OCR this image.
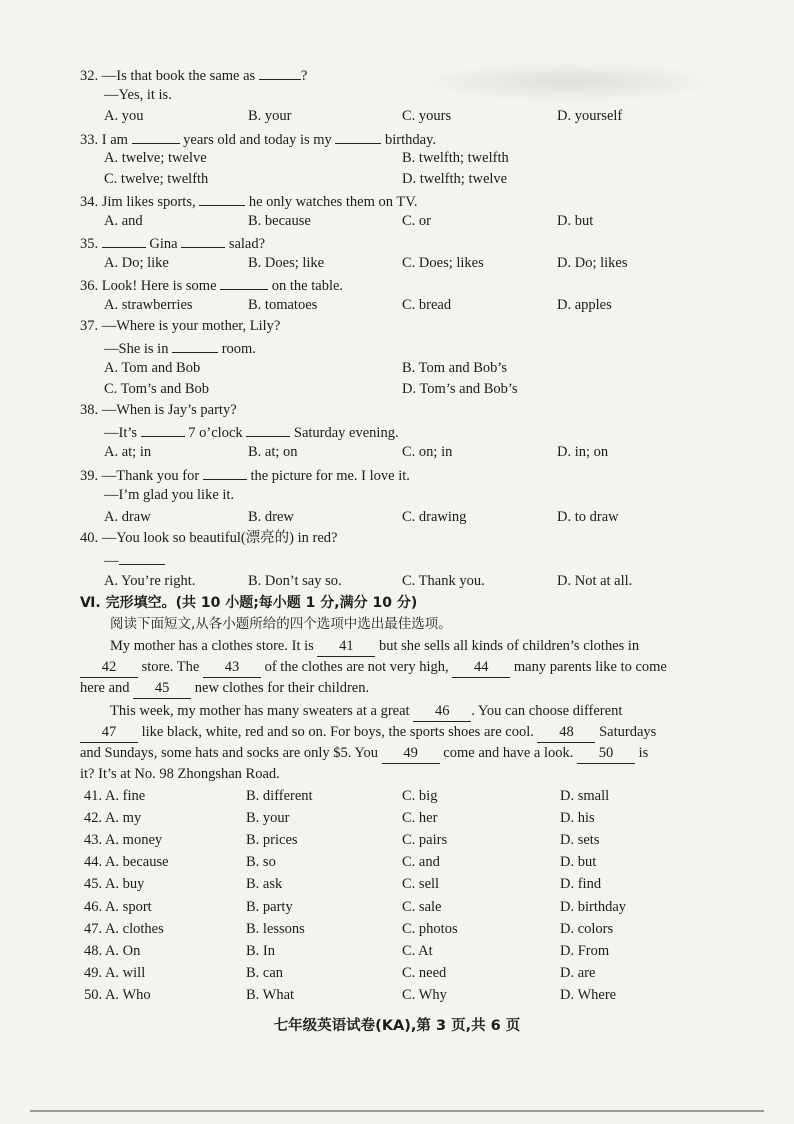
32. —Is that book the same as	?
—Yes, it is.
A. you	B. your	C. yours	D. yourself
33. I am	years old and today is my	birthday.
A. twelve; twelve	B. twelfth; twelfth
C. twelve; twelfth	D. twelfth; twelve
34. Jim likes sports,	he only watches them on TV.
A. and	B. because	C. or	D. but
35.	Gina	salad?
A. Do; like	B. Does; like	C. Does; likes	D. Do; likes
36. Look! Here is some	on the table.
A. strawberries	B. tomatoes	C. bread	D. apples
37. —Where is your mother, Lily?
—She is in	room.
A. Tom and Bob	B. Tom and Bob’s
C. Tom’s and Bob	D. Tom’s and Bob’s
38. —When is Jay’s party?
—It’s	7 o’clock	Saturday evening.
A. at; in	B. at; on	C. on; in	D. in; on
39. —Thank you for	the picture for me. I love it.
—I’m glad you like it.
A. draw	B. drew	C. drawing	D. to draw
40. —You look so beautiful(漂亮的) in red?
—
A. You’re right.	B. Don’t say so.	C. Thank you.	D. Not at all.
Ⅵ. 完形填空。(共 10 小题;每小题 1 分,满分 10 分)
阅读下面短文,从各小题所给的四个选项中选出最佳选项。
My mother has a clothes store. It is 41 but she sells all kinds of children’s clothes in
42 store. The 43 of the clothes are not very high, 44 many parents like to come
here and 45 new clothes for their children.
This week, my mother has many sweaters at a great 46 . You can choose different
47 like black, white, red and so on. For boys, the sports shoes are cool. 48 Saturdays
and Sundays, some hats and socks are only $5. You 49 come and have a look. 50 is
it? It’s at No. 98 Zhongshan Road.
41. A. fine	B. different	C. big	D. small
42. A. my	B. your	C. her	D. his
43. A. money	B. prices	C. pairs	D. sets
44. A. because	B. so	C. and	D. but
45. A. buy	B. ask	C. sell	D. find
46. A. sport	B. party	C. sale	D. birthday
47. A. clothes	B. lessons	C. photos	D. colors
48. A. On	B. In	C. At	D. From
49. A. will	B. can	C. need	D. are
50. A. Who	B. What	C. Why	D. Where
七年级英语试卷(KA),第 3 页,共 6 页
